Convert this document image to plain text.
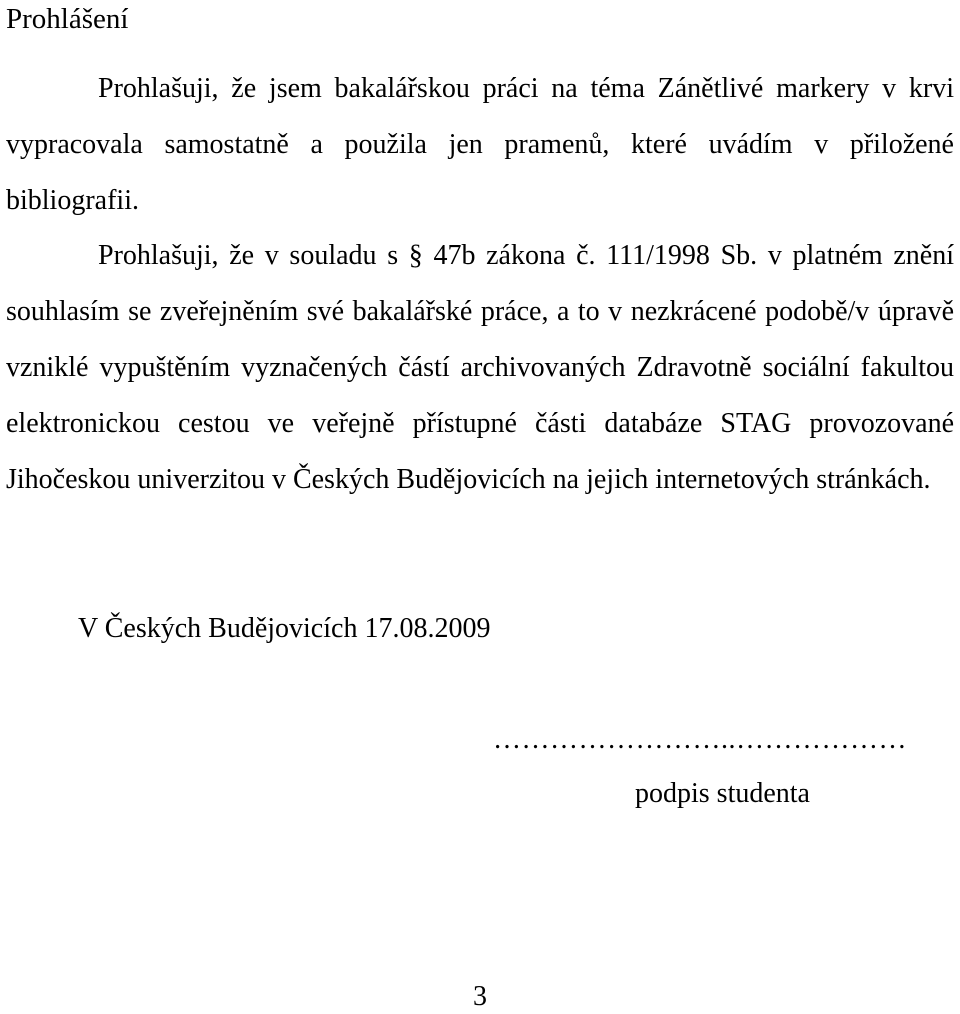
Prohlášení

Prohlašuji, že jsem bakalářskou práci na téma Zánětlivé markery v krvi vypracovala samostatně a použila jen pramenů, které uvádím v přiložené bibliografii.

Prohlašuji, že v souladu s § 47b zákona č. 111/1998 Sb. v platném znění souhlasím se zveřejněním své bakalářské práce, a to v nezkrácené podobě/v úpravě vzniklé vypuštěním vyznačených částí archivovaných Zdravotně sociální fakultou elektronickou cestou ve veřejně přístupné části databáze STAG provozované Jihočeskou univerzitou v Českých Budějovicích na jejich internetových stránkách.

V Českých Budějovicích 17.08.2009
……………………..………………
podpis studenta
3
